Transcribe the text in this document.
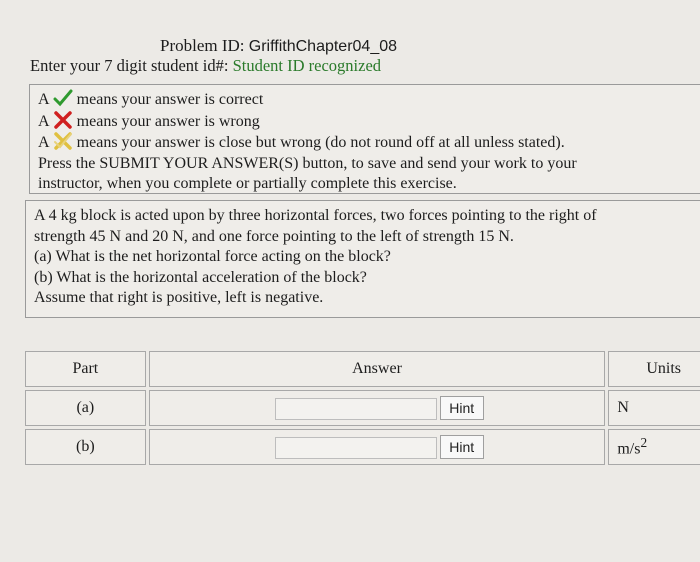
Problem ID: GriffithChapter04_08
Enter your 7 digit student id#: Student ID recognized
A means your answer is correct
A means your answer is wrong
A means your answer is close but wrong (do not round off at all unless stated).
Press the SUBMIT YOUR ANSWER(S) button, to save and send your work to your
instructor, when you complete or partially complete this exercise.
A 4 kg block is acted upon by three horizontal forces, two forces pointing to the right of
strength 45 N and 20 N, and one force pointing to the left of strength 15 N.
(a) What is the net horizontal force acting on the block?
(b) What is the horizontal acceleration of the block?
Assume that right is positive, left is negative.
Part	Answer	Units
(a)	Hint	N
(b)	Hint	$m/s^2$
